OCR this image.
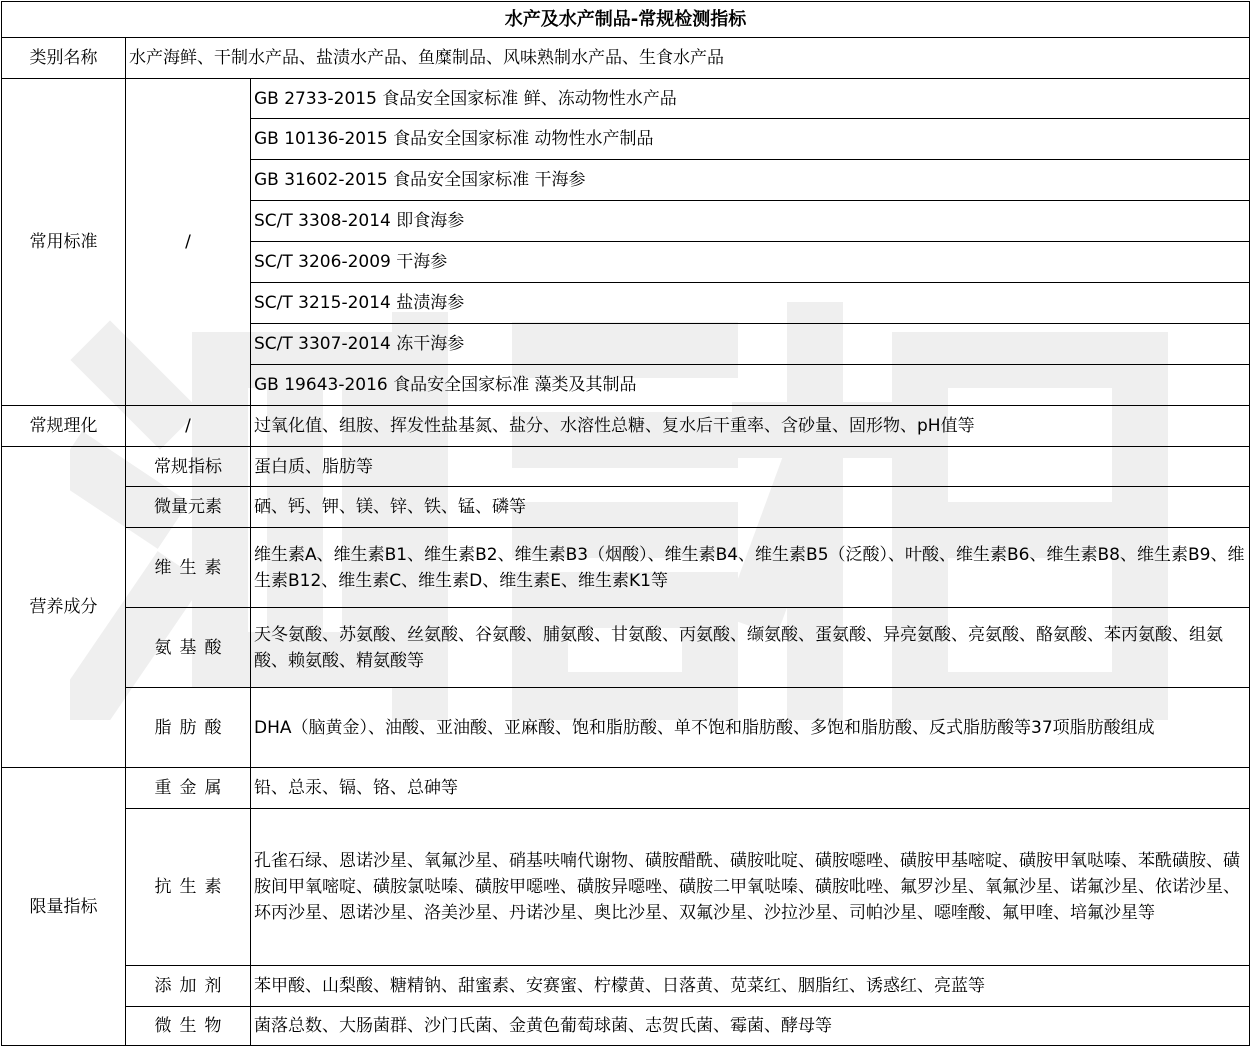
水产及水产制品-常规检测指标		
类别名称	水产海鲜、干制水产品、盐渍水产品、鱼糜制品、风味熟制水产品、生食水产品	
常用标准	/	GB 2733-2015 食品安全国家标准 鲜、冻动物性水产品
		GB 10136-2015 食品安全国家标准 动物性水产制品
		GB 31602-2015 食品安全国家标准 干海参
		SC/T 3308-2014 即食海参
		SC/T 3206-2009 干海参
		SC/T 3215-2014 盐渍海参
		SC/T 3307-2014 冻干海参
		GB 19643-2016 食品安全国家标准 藻类及其制品
常规理化	/	过氧化值、组胺、挥发性盐基氮、盐分、水溶性总糖、复水后干重率、含砂量、固形物、pH值等
营养成分	常规指标	蛋白质、脂肪等
	微量元素	硒、钙、钾、镁、锌、铁、锰、磷等
	维生素	维生素A、维生素B1、维生素B2、维生素B3（烟酸）、维生素B4、维生素B5（泛酸）、叶酸、维生素B6、维生素B8、维生素B9、维生素B12、维生素C、维生素D、维生素E、维生素K1等
	氨基酸	天冬氨酸、苏氨酸、丝氨酸、谷氨酸、脯氨酸、甘氨酸、丙氨酸、缬氨酸、蛋氨酸、异亮氨酸、亮氨酸、酪氨酸、苯丙氨酸、组氨酸、赖氨酸、精氨酸等
	脂肪酸	DHA（脑黄金）、油酸、亚油酸、亚麻酸、饱和脂肪酸、单不饱和脂肪酸、多饱和脂肪酸、反式脂肪酸等37项脂肪酸组成
限量指标	重金属	铅、总汞、镉、铬、总砷等
	抗生素	孔雀石绿、恩诺沙星、氧氟沙星、硝基呋喃代谢物、磺胺醋酰、磺胺吡啶、磺胺噁唑、磺胺甲基嘧啶、磺胺甲氧哒嗪、苯酰磺胺、磺胺间甲氧嘧啶、磺胺氯哒嗪、磺胺甲噁唑、磺胺异噁唑、磺胺二甲氧哒嗪、磺胺吡唑、氟罗沙星、氧氟沙星、诺氟沙星、依诺沙星、环丙沙星、恩诺沙星、洛美沙星、丹诺沙星、奥比沙星、双氟沙星、沙拉沙星、司帕沙星、噁喹酸、氟甲喹、培氟沙星等
	添加剂	苯甲酸、山梨酸、糖精钠、甜蜜素、安赛蜜、柠檬黄、日落黄、苋菜红、胭脂红、诱惑红、亮蓝等
	微生物	菌落总数、大肠菌群、沙门氏菌、金黄色葡萄球菌、志贺氏菌、霉菌、酵母等
